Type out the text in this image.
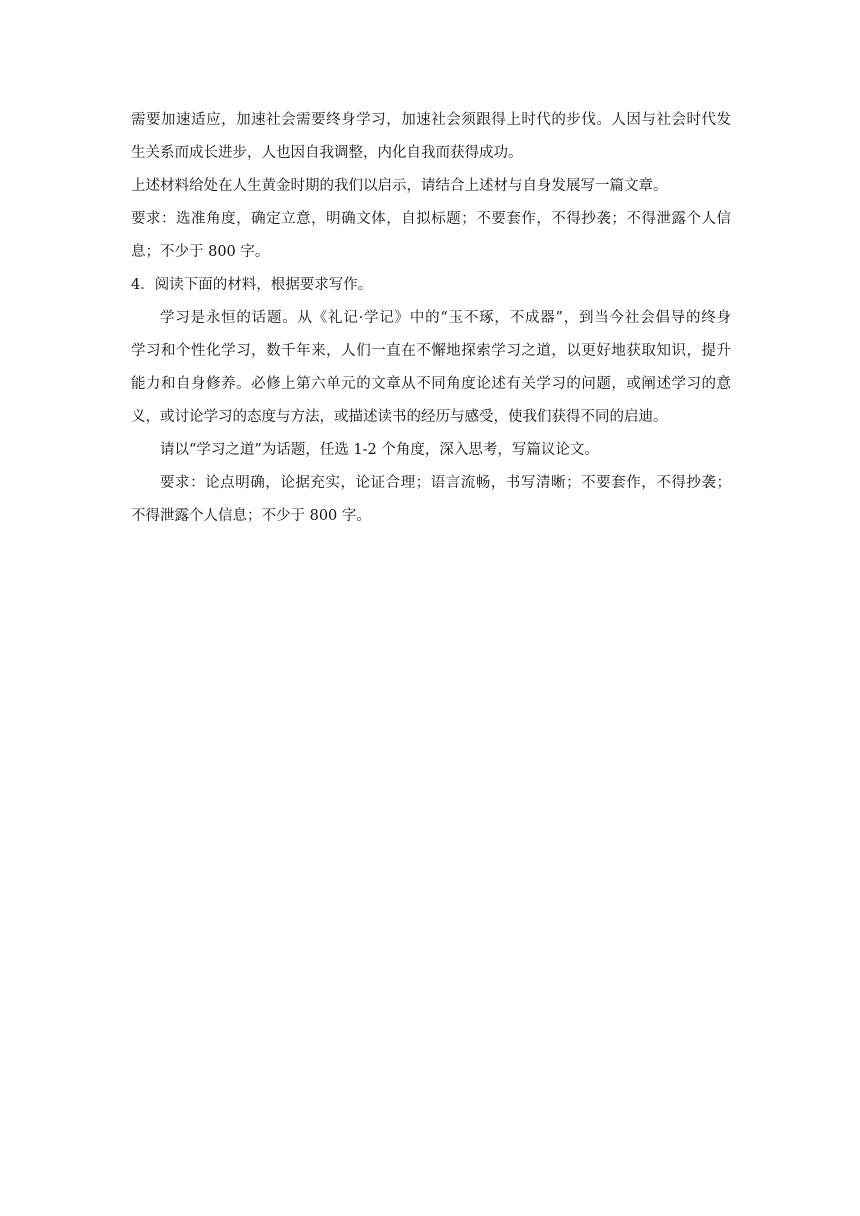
需要加速适应，加速社会需要终身学习，加速社会须跟得上时代的步伐。人因与社会时代发
生关系而成长进步，人也因自我调整，内化自我而获得成功。
上述材料给处在人生黄金时期的我们以启示，请结合上述材与自身发展写一篇文章。
要求：选准角度，确定立意，明确文体，自拟标题；不要套作，不得抄袭；不得泄露个人信
息；不少于 800 字。
4．阅读下面的材料，根据要求写作。
学习是永恒的话题。从《礼记·学记》中的“玉不琢，不成器”，到当今社会倡导的终身
学习和个性化学习，数千年来，人们一直在不懈地探索学习之道，以更好地获取知识，提升
能力和自身修养。必修上第六单元的文章从不同角度论述有关学习的问题，或阐述学习的意
义，或讨论学习的态度与方法，或描述读书的经历与感受，使我们获得不同的启迪。
请以“学习之道”为话题，任选 1-2 个角度，深入思考，写篇议论文。
要求：论点明确，论据充实，论证合理；语言流畅，书写清晰；不要套作，不得抄袭；
不得泄露个人信息；不少于 800 字。
